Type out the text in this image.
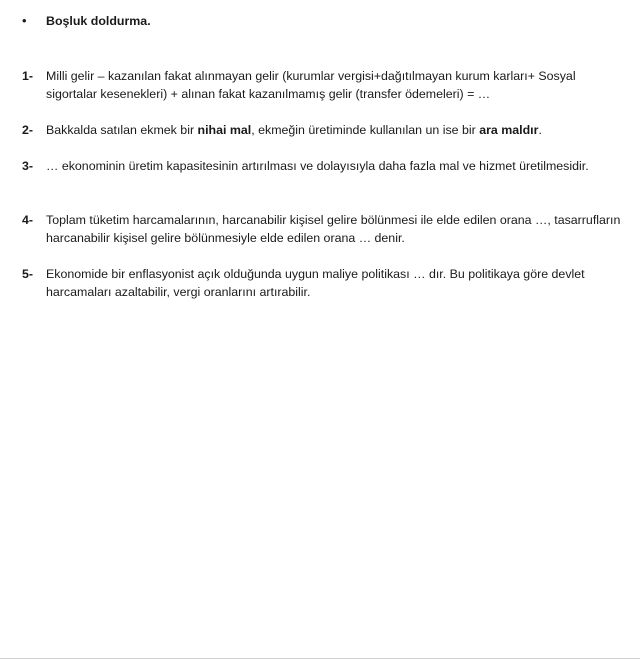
•	Boşluk doldurma.
1-	Milli gelir – kazanılan fakat alınmayan gelir (kurumlar vergisi+dağıtılmayan kurum karları+ Sosyal sigortalar kesenekleri) + alınan fakat kazanılmamış gelir (transfer ödemeleri) = …
2-	Bakkalda satılan ekmek bir nihai mal, ekmeğin üretiminde kullanılan un ise bir ara maldır.
3-	… ekonominin üretim kapasitesinin artırılması ve dolayısıyla daha fazla mal ve hizmet üretilmesidir.
4-	Toplam tüketim harcamalarının, harcanabilir kişisel gelire bölünmesi ile elde edilen orana …, tasarrufların harcanabilir kişisel gelire bölünmesiyle elde edilen orana … denir.
5-	Ekonomide bir enflasyonist açık olduğunda uygun maliye politikası … dır. Bu politikaya göre devlet harcamaları azaltabilir, vergi oranlarını artırabilir.
